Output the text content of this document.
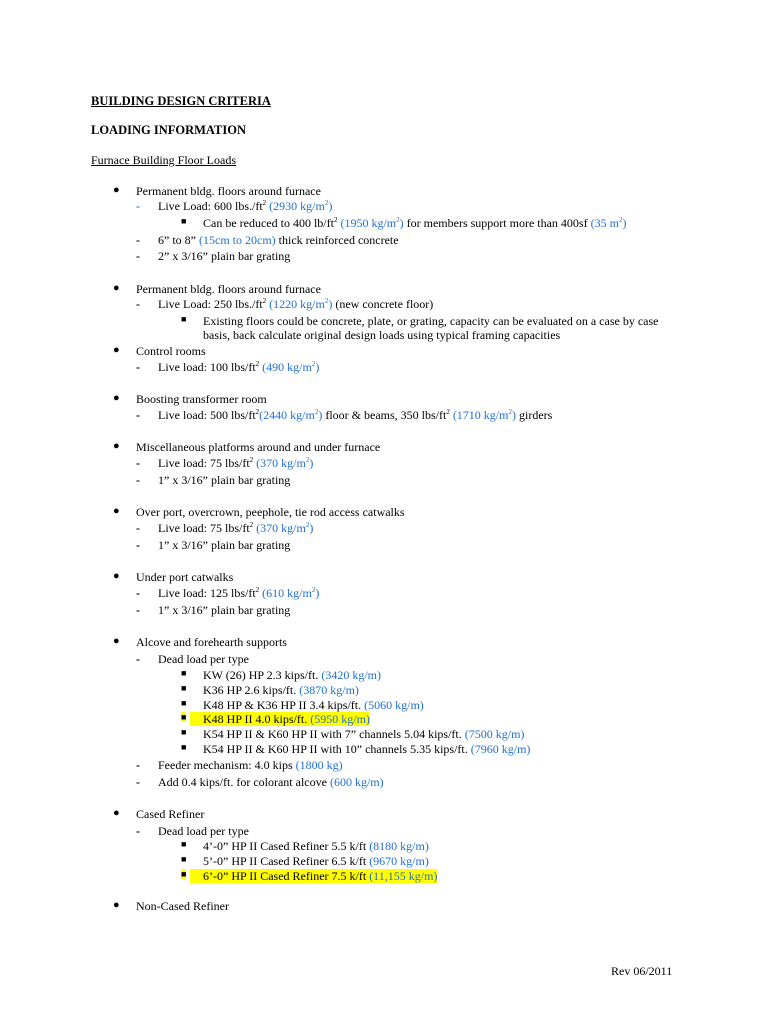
BUILDING DESIGN CRITERIA
LOADING INFORMATION
Furnace Building Floor Loads
● Permanent bldg. floors around furnace
- Live Load: 600 $lbs./ft^2$ (2930 $kg/m^2$)
■ Can be reduced to 400 $lb/ft^2$ (1950 $kg/m^2$) for members support more than 400sf (35 $m^2$)
- 6” to 8” (15cm to 20cm) thick reinforced concrete
- 2” x 3/16” plain bar grating
● Permanent bldg. floors around furnace
- Live Load: 250 $lbs./ft^2$ (1220 $kg/m^2$) (new concrete floor)
■ Existing floors could be concrete, plate, or grating, capacity can be evaluated on a case by case basis, back calculate original design loads using typical framing capacities
● Control rooms
- Live load: 100 lbs/$ft^2$ (490 $kg/m^2$)
● Boosting transformer room
- Live load: 500 lbs/$ft^2(2440$ $kg/m^2$) floor & beams, 350 lbs/$ft^2$ (1710 $kg/m^2$) girders
● Miscellaneous platforms around and under furnace
- Live load: 75 lbs/$ft^2$ (370 $kg/m^2$)
- 1” x 3/16” plain bar grating
● Over port, overcrown, peephole, tie rod access catwalks
- Live load: 75 lbs/$ft^2$ (370 $kg/m^2$)
- 1” x 3/16” plain bar grating
● Under port catwalks
- Live load: 125 lbs/$ft^2$ (610 $kg/m^2$)
- 1” x 3/16” plain bar grating
● Alcove and forehearth supports
- Dead load per type
■ KW (26) HP 2.3 kips/ft. (3420 kg/m)
■ K36 HP 2.6 kips/ft. (3870 kg/m)
■ K48 HP & K36 HP II 3.4 kips/ft. (5060 kg/m)
■	K48 HP II 4.0 kips/ft. (5950 kg/m)
■ K54 HP II & K60 HP II with 7” channels 5.04 kips/ft. (7500 kg/m)
■ K54 HP II & K60 HP II with 10” channels 5.35 kips/ft. (7960 kg/m)
- Feeder mechanism: 4.0 kips (1800 kg)
- Add 0.4 kips/ft. for colorant alcove (600 kg/m)
● Cased Refiner
- Dead load per type
■ 4’-0” HP II Cased Refiner 5.5 k/ft (8180 kg/m)
■ 5’-0” HP II Cased Refiner 6.5 k/ft (9670 kg/m)
■	6’-0” HP II Cased Refiner 7.5 k/ft (11,155 kg/m)
● Non-Cased Refiner
Rev 06/2011
